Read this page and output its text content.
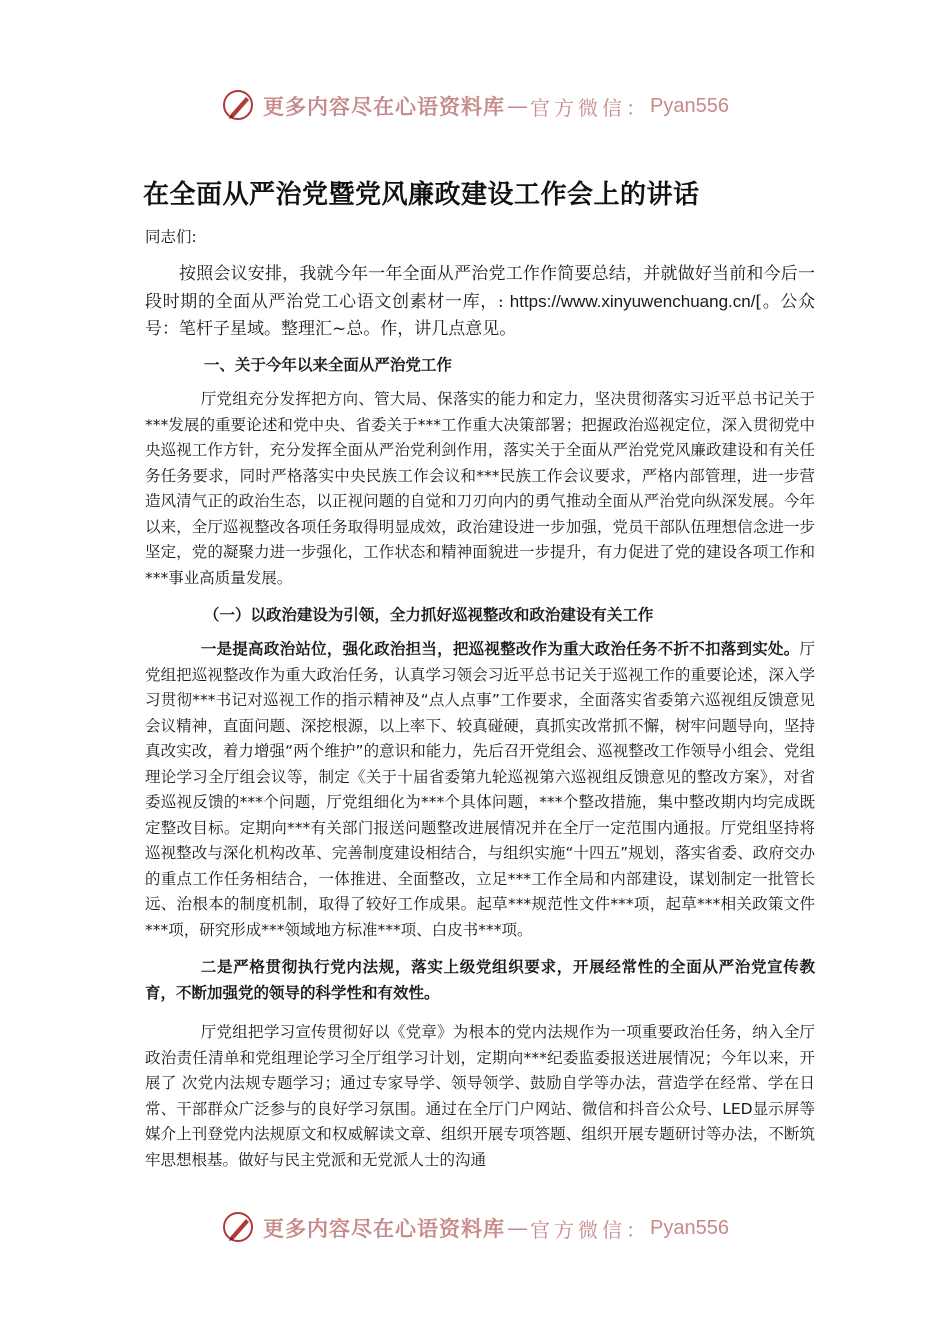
更多内容尽在心语资料库 — 官方微信： Pyan556
在全面从严治党暨党风廉政建设工作会上的讲话
同志们:
按照会议安排，我就今年一年全面从严治党工作作简要总结，并就做好当前和今后一段时期的全面从严治党工心语文创素材一库，: https://www.xinyuwenchuang.cn/[。公众号：笔杆子星域。整理汇~总。作，讲几点意见。
一、关于今年以来全面从严治党工作
厅党组充分发挥把方向、管大局、保落实的能力和定力，坚决贯彻落实习近平总书记关于***发展的重要论述和党中央、省委关于***工作重大决策部署；把握政治巡视定位，深入贯彻党中央巡视工作方针，充分发挥全面从严治党利剑作用，落实关于全面从严治党党风廉政建设和有关任务任务要求，同时严格落实中央民族工作会议和***民族工作会议要求，严格内部管理，进一步营造风清气正的政治生态，以正视问题的自觉和刀刃向内的勇气推动全面从严治党向纵深发展。今年以来，全厅巡视整改各项任务取得明显成效，政治建设进一步加强，党员干部队伍理想信念进一步坚定，党的凝聚力进一步强化，工作状态和精神面貌进一步提升，有力促进了党的建设各项工作和***事业高质量发展。
（一）以政治建设为引领，全力抓好巡视整改和政治建设有关工作
一是提高政治站位，强化政治担当，把巡视整改作为重大政治任务不折不扣落到实处。厅党组把巡视整改作为重大政治任务，认真学习领会习近平总书记关于巡视工作的重要论述，深入学习贯彻***书记对巡视工作的指示精神及“点人点事”工作要求，全面落实省委第六巡视组反馈意见会议精神，直面问题、深挖根源，以上率下、较真碰硬，真抓实改常抓不懈，树牢问题导向，坚持真改实改，着力增强“两个维护”的意识和能力，先后召开党组会、巡视整改工作领导小组会、党组理论学习全厅组会议等，制定《关于十届省委第九轮巡视第六巡视组反馈意见的整改方案》，对省委巡视反馈的***个问题，厅党组细化为***个具体问题，***个整改措施，集中整改期内均完成既定整改目标。定期向***有关部门报送问题整改进展情况并在全厅一定范围内通报。厅党组坚持将巡视整改与深化机构改革、完善制度建设相结合，与组织实施“十四五”规划，落实省委、政府交办的重点工作任务相结合，一体推进、全面整改，立足***工作全局和内部建设，谋划制定一批管长远、治根本的制度机制，取得了较好工作成果。起草***规范性文件***项，起草***相关政策文件***项，研究形成***领域地方标准***项、白皮书***项。
二是严格贯彻执行党内法规，落实上级党组织要求，开展经常性的全面从严治党宣传教育，不断加强党的领导的科学性和有效性。
厅党组把学习宣传贯彻好以《党章》为根本的党内法规作为一项重要政治任务，纳入全厅政治责任清单和党组理论学习全厅组学习计划，定期向***纪委监委报送进展情况；今年以来，开展了 次党内法规专题学习；通过专家导学、领导领学、鼓励自学等办法，营造学在经常、学在日常、干部群众广泛参与的良好学习氛围。通过在全厅门户网站、微信和抖音公众号、LED显示屏等媒介上刊登党内法规原文和权威解读文章、组织开展专项答题、组织开展专题研讨等办法，不断筑牢思想根基。做好与民主党派和无党派人士的沟通
更多内容尽在心语资料库 — 官方微信： Pyan556
